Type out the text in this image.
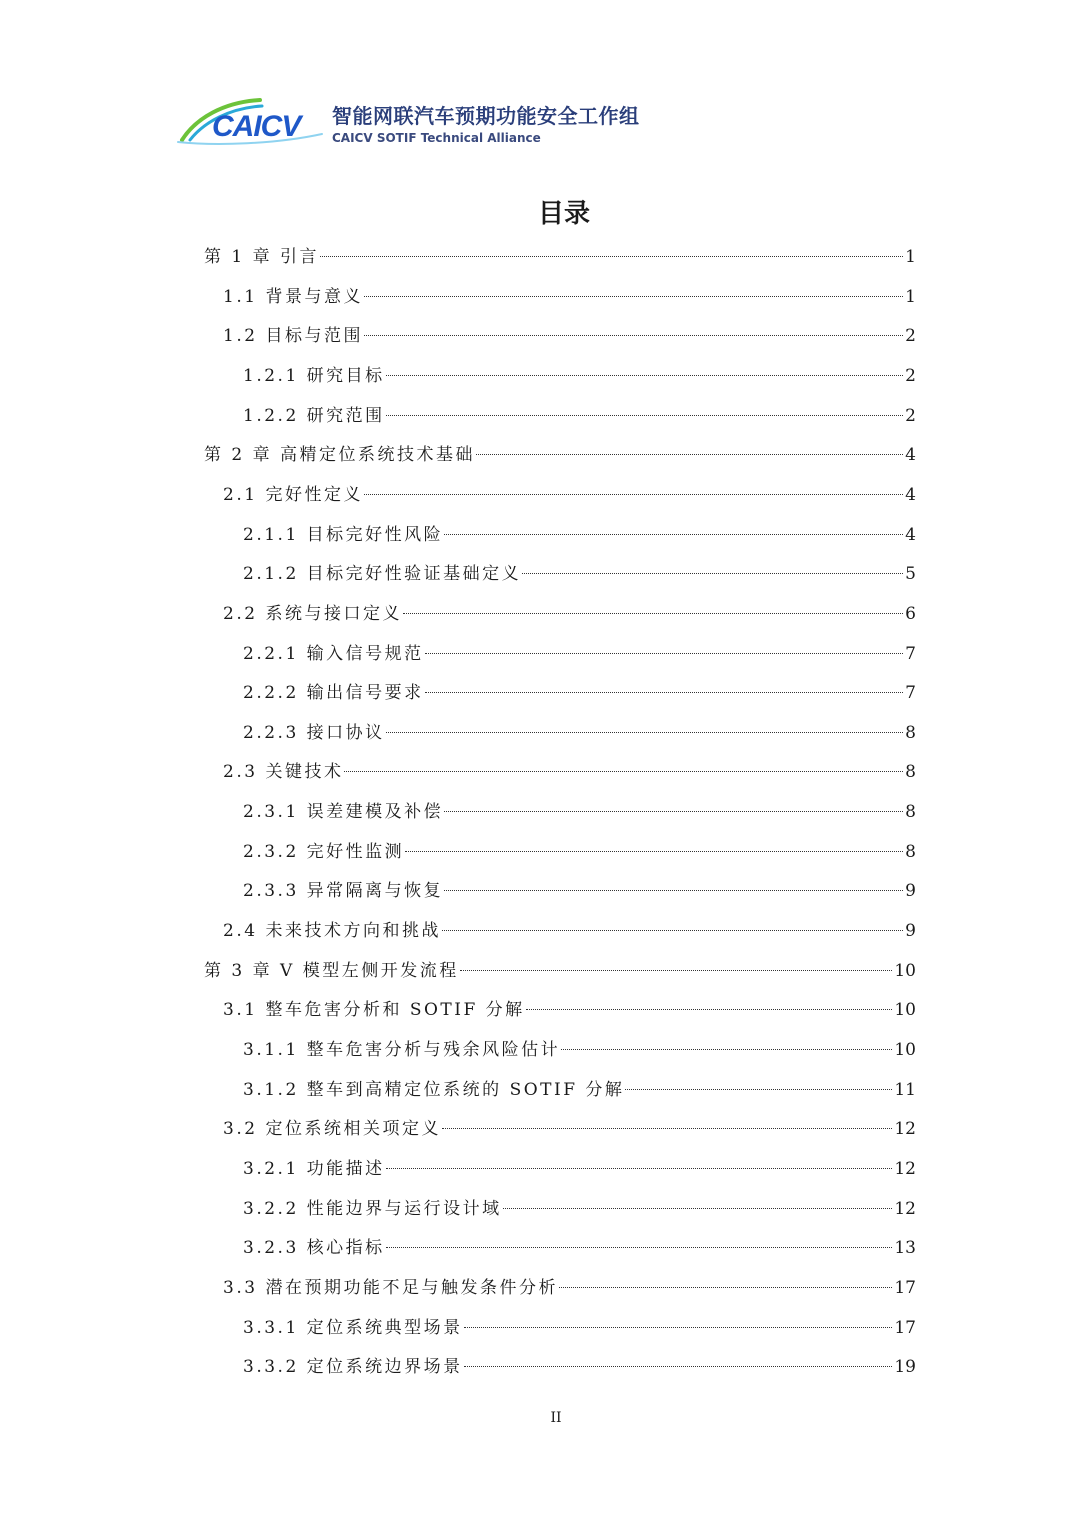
CAICV 智能网联汽车预期功能安全工作组
CAICV SOTIF Technical Alliance
目录
第 1 章 引言	1
1.1 背景与意义	1
1.2 目标与范围	2
1.2.1 研究目标	2
1.2.2 研究范围	2
第 2 章 高精定位系统技术基础	4
2.1 完好性定义	4
2.1.1 目标完好性风险	4
2.1.2 目标完好性验证基础定义	5
2.2 系统与接口定义	6
2.2.1 输入信号规范	7
2.2.2 输出信号要求	7
2.2.3 接口协议	8
2.3 关键技术	8
2.3.1 误差建模及补偿	8
2.3.2 完好性监测	8
2.3.3 异常隔离与恢复	9
2.4 未来技术方向和挑战	9
第 3 章 V 模型左侧开发流程	10
3.1 整车危害分析和 SOTIF 分解	10
3.1.1 整车危害分析与残余风险估计	10
3.1.2 整车到高精定位系统的 SOTIF 分解	11
3.2 定位系统相关项定义	12
3.2.1 功能描述	12
3.2.2 性能边界与运行设计域	12
3.2.3 核心指标	13
3.3 潜在预期功能不足与触发条件分析	17
3.3.1 定位系统典型场景	17
3.3.2 定位系统边界场景	19
II
